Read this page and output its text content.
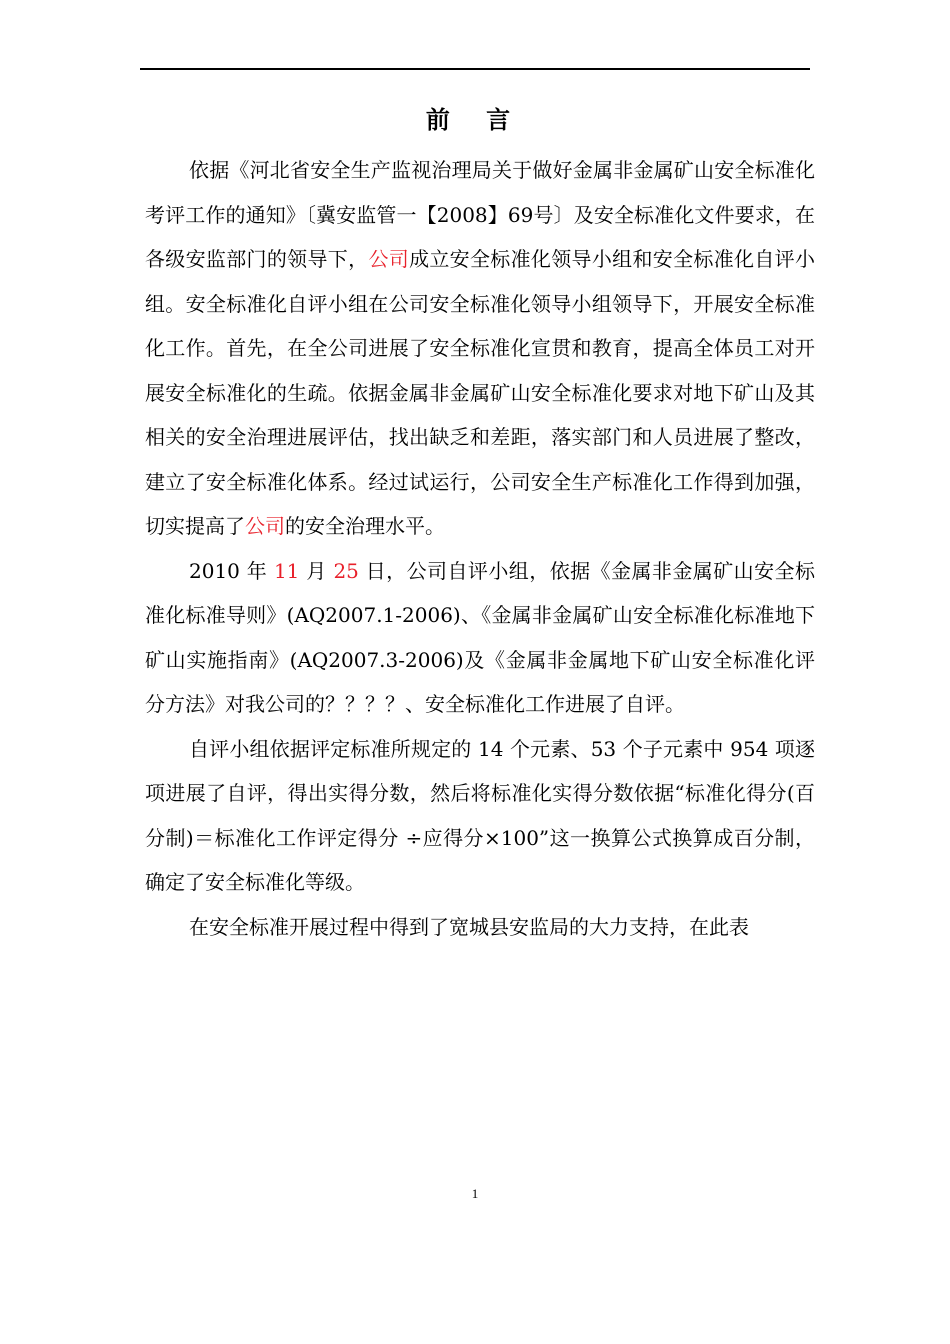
前 言

依据《河北省安全生产监视治理局关于做好金属非金属矿山安全标准化考评工作的通知》〔冀安监管一【2008】69号〕及安全标准化文件要求，在各级安监部门的领导下，公司成立安全标准化领导小组和安全标准化自评小组。安全标准化自评小组在公司安全标准化领导小组领导下，开展安全标准化工作。首先，在全公司进展了安全标准化宣贯和教育，提高全体员工对开展安全标准化的生疏。依据金属非金属矿山安全标准化要求对地下矿山及其相关的安全治理进展评估，找出缺乏和差距，落实部门和人员进展了整改，建立了安全标准化体系。经过试运行，公司安全生产标准化工作得到加强，切实提高了公司的安全治理水平。

2010 年 11 月 25 日，公司自评小组，依据《金属非金属矿山安全标准化标准导则》(AQ2007.1-2006)、《金属非金属矿山安全标准化标准地下矿山实施指南》(AQ2007.3-2006)及《金属非金属地下矿山安全标准化评分方法》对我公司的？？？？、安全标准化工作进展了自评。

自评小组依据评定标准所规定的 14 个元素、53 个子元素中 954 项逐项进展了自评，得出实得分数，然后将标准化实得分数依据“标准化得分(百分制)＝标准化工作评定得分 ÷应得分×100”这一换算公式换算成百分制，确定了安全标准化等级。

在安全标准开展过程中得到了宽城县安监局的大力支持，在此表

1
